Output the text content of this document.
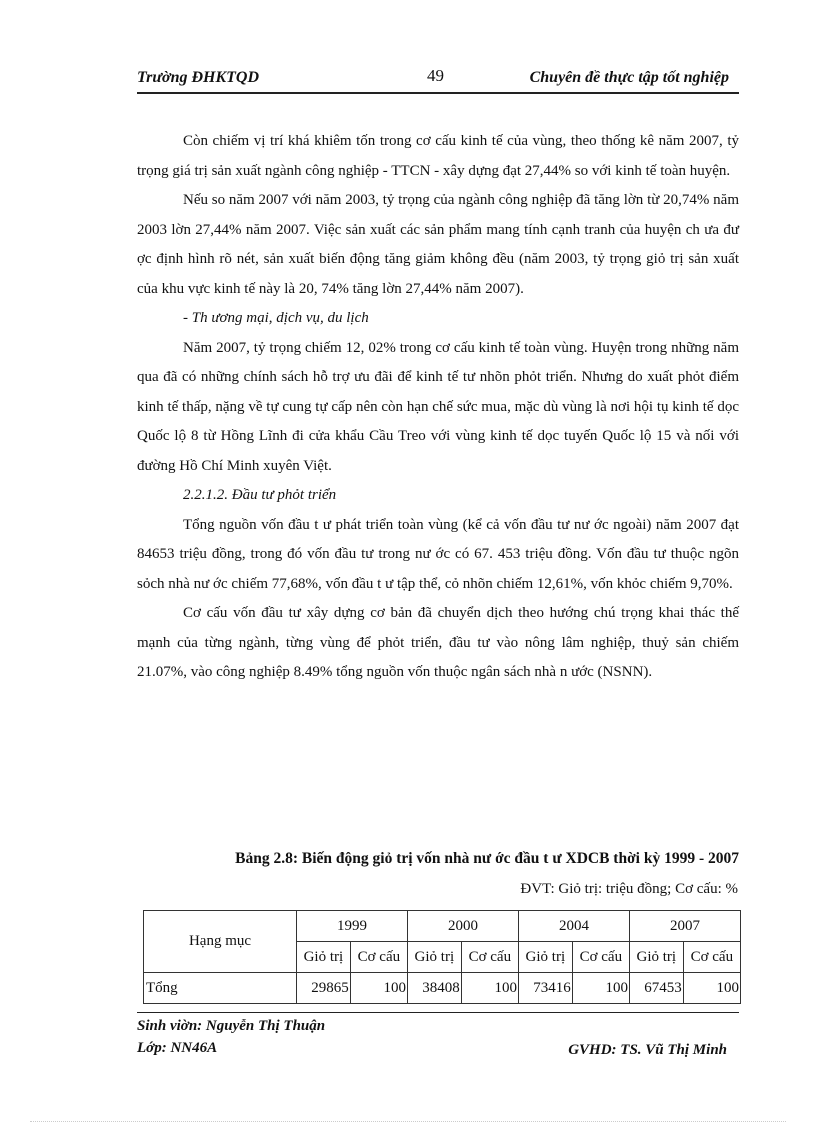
Trường ĐHKTQD	49	Chuyên đề thực tập tốt nghiệp

Còn chiếm vị trí khá khiêm tốn trong cơ cấu kinh tế của vùng, theo thống kê năm 2007, tỷ trọng giá trị sản xuất ngành công nghiệp - TTCN - xây dựng đạt 27,44% so với kinh tế toàn huyện.

Nếu so năm 2007 với năm 2003, tỷ trọng của ngành công nghiệp đã tăng lờn từ 20,74% năm 2003 lờn 27,44% năm 2007. Việc sản xuất các sản phẩm mang tính cạnh tranh của huyện ch ưa đư ợc định hình rõ nét, sản xuất biến động tăng giảm không đều (năm 2003, tỷ trọng giỏ trị sản xuất của khu vực kinh tế này là 20, 74% tăng lờn 27,44% năm 2007).

- Th ương mại, dịch vụ, du lịch

Năm 2007, tỷ trọng chiếm 12, 02% trong cơ cấu kinh tế toàn vùng. Huyện trong những năm qua đã có những chính sách hỗ trợ ưu đãi để kinh tế tư nhõn phỏt triển. Nhưng do xuất phỏt điểm kinh tế thấp, nặng về tự cung tự cấp nên còn hạn chế sức mua, mặc dù vùng là nơi hội tụ kinh tế dọc Quốc lộ 8 từ Hồng Lĩnh đi cửa khẩu Cầu Treo với vùng kinh tế dọc tuyến Quốc lộ 15 và nối với đường Hồ Chí Minh xuyên Việt.

2.2.1.2. Đầu tư phỏt triển

Tổng nguồn vốn đầu t ư phát triển toàn vùng (kể cả vốn đầu tư nư ớc ngoài) năm 2007 đạt 84653 triệu đồng, trong đó vốn đầu tư trong nư ớc có 67. 453 triệu đồng. Vốn đầu tư thuộc ngõn sỏch nhà nư ớc chiếm 77,68%, vốn đầu t ư tập thể, cỏ nhõn chiếm 12,61%, vốn khỏc chiếm 9,70%.

Cơ cấu vốn đầu tư xây dựng cơ bản đã chuyển dịch theo hướng chú trọng khai thác thế mạnh của từng ngành, từng vùng để phỏt triển, đầu tư vào nông lâm nghiệp, thuỷ sản chiếm 21.07%, vào công nghiệp 8.49% tổng nguồn vốn thuộc ngân sách nhà n ước (NSNN).

Bảng 2.8: Biến động giỏ trị vốn nhà nư ớc đầu t ư XDCB thời kỳ 1999 - 2007
ĐVT: Giỏ trị: triệu đồng; Cơ cấu: %
Hạng mục	1999		2000		2004		2007	
	Giỏ trị	Cơ cấu	Giỏ trị	Cơ cấu	Giỏ trị	Cơ cấu	Giỏ trị	Cơ cấu
Tổng	29865	100	38408	100	73416	100	67453	100
Sinh viờn: Nguyễn Thị Thuận
Lớp: NN46A	GVHD: TS. Vũ Thị Minh
